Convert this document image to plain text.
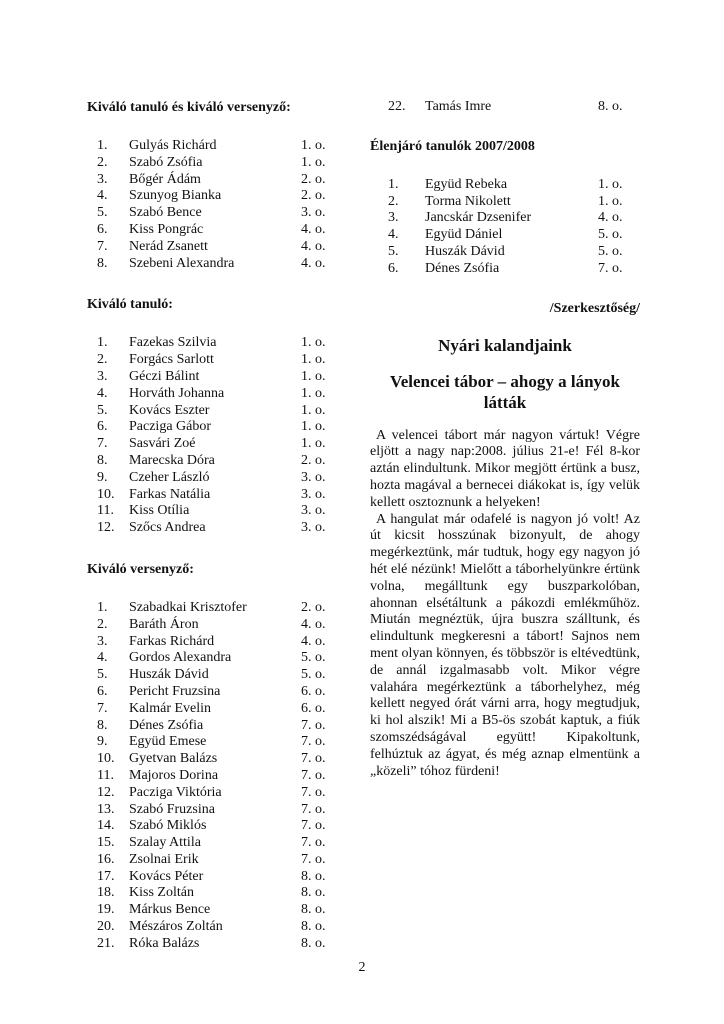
Kiváló tanuló és kiváló versenyző:

1. Gulyás Richárd	1. o.
2. Szabó Zsófia	1. o.
3. Bőgér Ádám	2. o.
4. Szunyog Bianka	2. o.
5. Szabó Bence	3. o.
6. Kiss Pongrác	4. o.
7. Nerád Zsanett	4. o.
8. Szebeni Alexandra	4. o.

Kiváló tanuló:

1. Fazekas Szilvia	1. o.
2. Forgács Sarlott	1. o.
3. Géczi Bálint	1. o.
4. Horváth Johanna	1. o.
5. Kovács Eszter	1. o.
6. Pacziga Gábor	1. o.
7. Sasvári Zoé	1. o.
8. Marecska Dóra	2. o.
9. Czeher László	3. o.
10. Farkas Natália	3. o.
11. Kiss Otília	3. o.
12. Szőcs Andrea	3. o.

Kiváló versenyző:

1. Szabadkai Krisztofer	2. o.
2. Baráth Áron	4. o.
3. Farkas Richárd	4. o.
4. Gordos Alexandra	5. o.
5. Huszák Dávid	5. o.
6. Pericht Fruzsina	6. o.
7. Kalmár Evelin	6. o.
8. Dénes Zsófia	7. o.
9. Együd Emese	7. o.
10. Gyetvan Balázs	7. o.
11. Majoros Dorina	7. o.
12. Pacziga Viktória	7. o.
13. Szabó Fruzsina	7. o.
14. Szabó Miklós	7. o.
15. Szalay Attila	7. o.
16. Zsolnai Erik	7. o.
17. Kovács Péter	8. o.
18. Kiss Zoltán	8. o.
19. Márkus Bence	8. o.
20. Mészáros Zoltán	8. o.
21. Róka Balázs	8. o.
22. Tamás Imre	8. o.

Élenjáró tanulók 2007/2008

1. Együd Rebeka	1. o.
2. Torma Nikolett	1. o.
3. Jancskár Dzsenifer	4. o.
4. Együd Dániel	5. o.
5. Huszák Dávid	5. o.
6. Dénes Zsófia	7. o.
/Szerkesztőség/
Nyári kalandjaink
Velencei tábor – ahogy a lányok látták

A velencei tábort már nagyon vártuk! Végre eljött a nagy nap:2008. július 21-e! Fél 8-kor aztán elindultunk. Mikor megjött értünk a busz, hozta magával a bernecei diákokat is, így velük kellett osztoznunk a helyeken!

A hangulat már odafelé is nagyon jó volt! Az út kicsit hosszúnak bizonyult, de ahogy megérkeztünk, már tudtuk, hogy egy nagyon jó hét elé nézünk! Mielőtt a táborhelyünkre értünk volna, megálltunk egy buszparkolóban, ahonnan elsétáltunk a pákozdi emlékműhöz. Miután megnéztük, újra buszra szálltunk, és elindultunk megkeresni a tábort! Sajnos nem ment olyan könnyen, és többször is eltévedtünk, de annál izgalmasabb volt. Mikor végre valahára megérkeztünk a táborhelyhez, még kellett negyed órát várni arra, hogy megtudjuk, ki hol alszik! Mi a B5-ös szobát kaptuk, a fiúk szomszédságával együtt! Kipakoltunk, felhúztuk az ágyat, és még aznap elmentünk a „közeli” tóhoz fürdeni!

2
